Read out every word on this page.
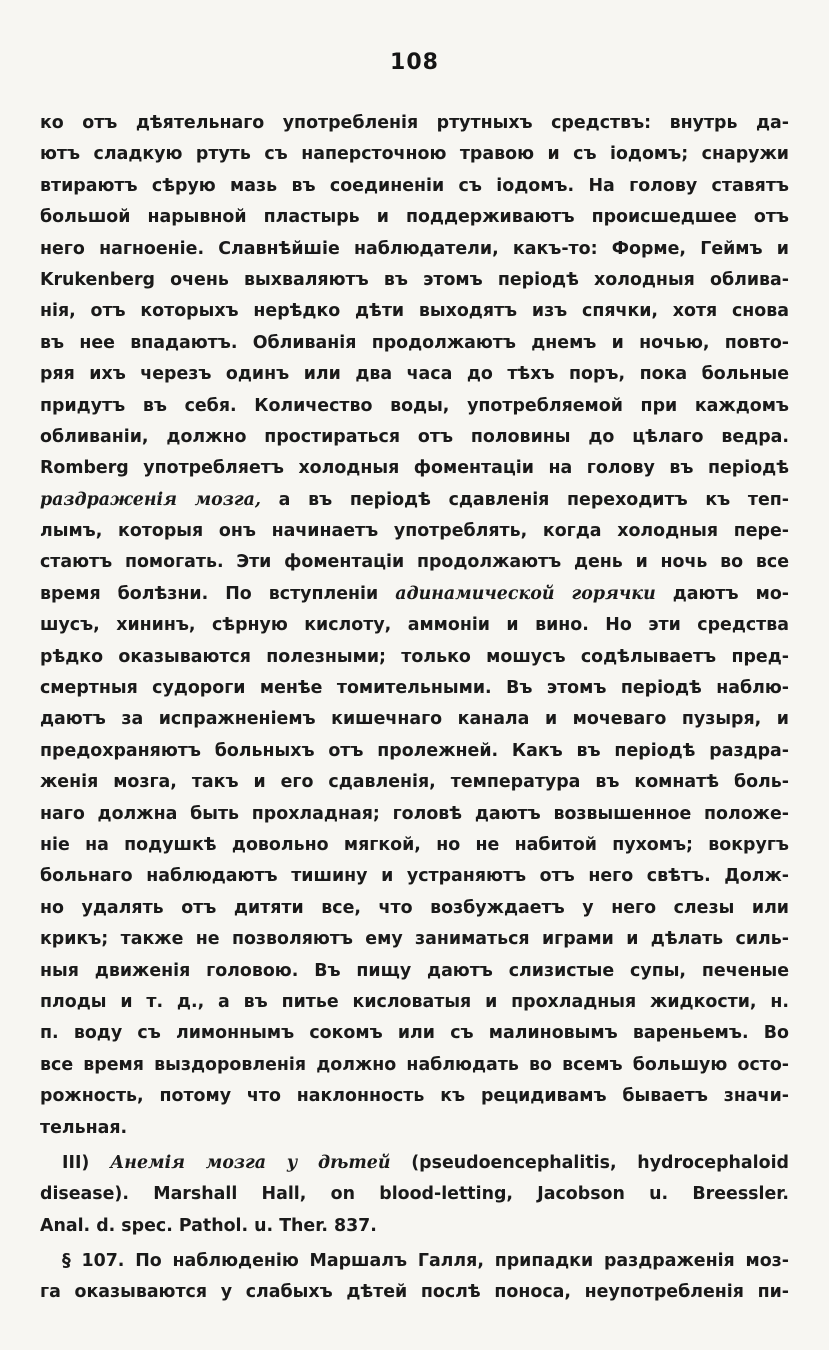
108
ко отъ дѣятельнаго употребленія ртутныхъ средствъ: внутрь да-
ютъ сладкую ртуть съ наперсточною травою и съ іодомъ; снаружи
втираютъ сѣрую мазь въ соединеніи съ іодомъ. На голову ставятъ
большой нарывной пластырь и поддерживаютъ происшедшее отъ
него нагноеніе. Славнѣйшіе наблюдатели, какъ-то: Форме, Геймъ и
Krukenberg очень выхваляютъ въ этомъ періодѣ холодныя облива-
нія, отъ которыхъ нерѣдко дѣти выходятъ изъ спячки, хотя снова
въ нее впадаютъ. Обливанія продолжаютъ днемъ и ночью, повто-
ряя ихъ черезъ одинъ или два часа до тѣхъ поръ, пока больные
придутъ въ себя. Количество воды, употребляемой при каждомъ
обливаніи, должно простираться отъ половины до цѣлаго ведра.
Romberg употребляетъ холодныя фоментаціи на голову въ періодѣ
раздраженія мозга, а въ періодѣ сдавленія переходитъ къ теп-
лымъ, которыя онъ начинаетъ употреблять, когда холодныя пере-
стаютъ помогать. Эти фоментаціи продолжаютъ день и ночь во все
время болѣзни. По вступленіи адинамической горячки даютъ мо-
шусъ, хининъ, сѣрную кислоту, аммоніи и вино. Но эти средства
рѣдко оказываются полезными; только мошусъ содѣлываетъ пред-
смертныя судороги менѣе томительными. Въ этомъ періодѣ наблю-
даютъ за испражненіемъ кишечнаго канала и мочеваго пузыря, и
предохраняютъ больныхъ отъ пролежней. Какъ въ періодѣ раздра-
женія мозга, такъ и его сдавленія, температура въ комнатѣ боль-
наго должна быть прохладная; головѣ даютъ возвышенное положе-
ніе на подушкѣ довольно мягкой, но не набитой пухомъ; вокругъ
больнаго наблюдаютъ тишину и устраняютъ отъ него свѣтъ. Долж-
но удалять отъ дитяти все, что возбуждаетъ у него слезы или
крикъ; также не позволяютъ ему заниматься играми и дѣлать силь-
ныя движенія головою. Въ пищу даютъ слизистые супы, печеные
плоды и т. д., а въ питье кисловатыя и прохладныя жидкости, н.
п. воду съ лимоннымъ сокомъ или съ малиновымъ вареньемъ. Во
все время выздоровленія должно наблюдать во всемъ большую осто-
рожность, потому что наклонность къ рецидивамъ бываетъ значи-
тельная.
III) Анемія мозга у дѣтей (pseudoencephalitis, hydrocephaloid
disease). Marshall Hall, on blood-letting, Jacobson u. Breessler.
Anal. d. spec. Pathol. u. Ther. 837.
§ 107. По наблюденію Маршалъ Галля, припадки раздраженія моз-
га оказываются у слабыхъ дѣтей послѣ поноса, неупотребленія пи-
